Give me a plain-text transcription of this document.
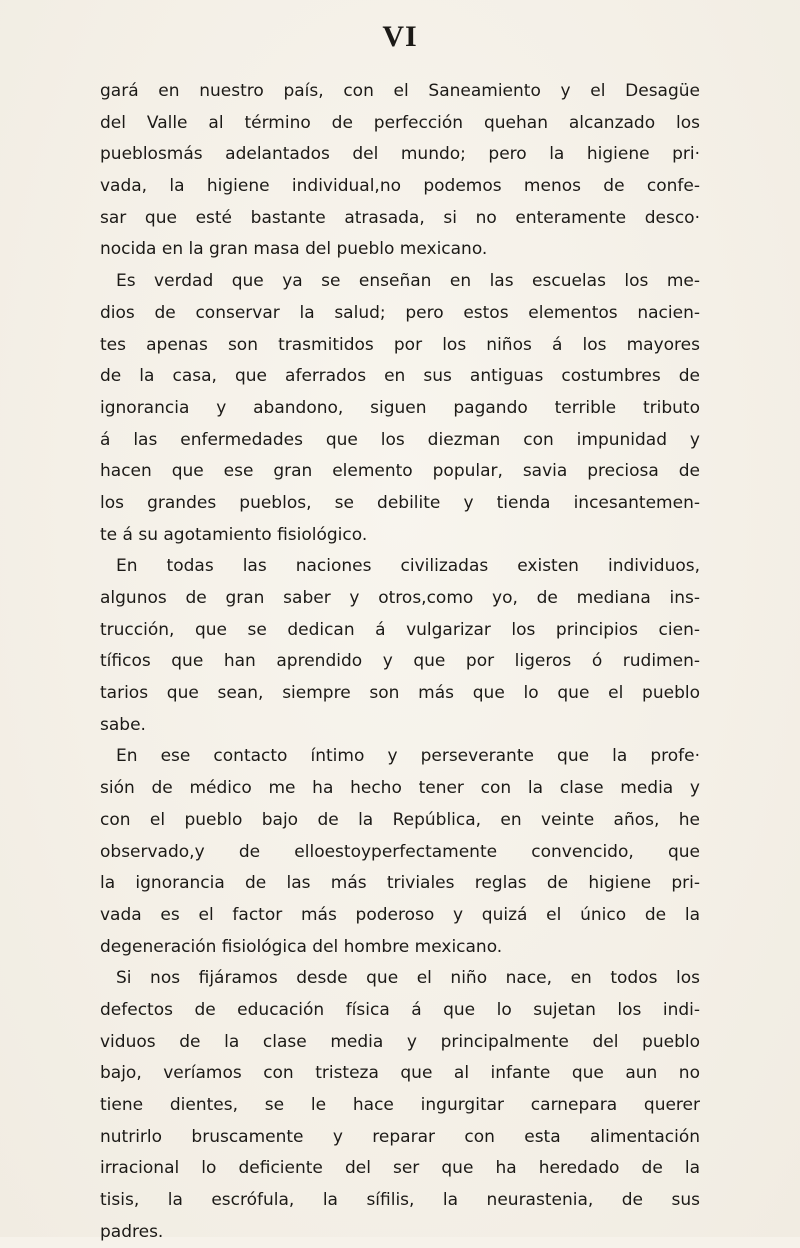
VI
gará en nuestro país, con el Saneamiento y el Desagüe
del Valle al término de perfección quehan alcanzado los
pueblosmás adelantados del mundo; pero la higiene pri·
vada, la higiene individual,no podemos menos de confe-
sar que esté bastante atrasada, si no enteramente desco·
nocida en la gran masa del pueblo mexicano.
Es verdad que ya se enseñan en las escuelas los me-
dios de conservar la salud; pero estos elementos nacien-
tes apenas son trasmitidos por los niños á los mayores
de la casa, que aferrados en sus antiguas costumbres de
ignorancia y abandono, siguen pagando terrible tributo
á las enfermedades que los diezman con impunidad y
hacen que ese gran elemento popular, savia preciosa de
los grandes pueblos, se debilite y tienda incesantemen-
te á su agotamiento fisiológico.
En todas las naciones civilizadas existen individuos,
algunos de gran saber y otros,como yo, de mediana ins-
trucción, que se dedican á vulgarizar los principios cien-
tíficos que han aprendido y que por ligeros ó rudimen-
tarios que sean, siempre son más que lo que el pueblo
sabe.
En ese contacto íntimo y perseverante que la profe·
sión de médico me ha hecho tener con la clase media y
con el pueblo bajo de la República, en veinte años, he
observado,y de elloestoyperfectamente convencido, que
la ignorancia de las más triviales reglas de higiene pri-
vada es el factor más poderoso y quizá el único de la
degeneración fisiológica del hombre mexicano.
Si nos fijáramos desde que el niño nace, en todos los
defectos de educación física á que lo sujetan los indi-
viduos de la clase media y principalmente del pueblo
bajo, veríamos con tristeza que al infante que aun no
tiene dientes, se le hace ingurgitar carnepara querer
nutrirlo bruscamente y reparar con esta alimentación
irracional lo deficiente del ser que ha heredado de la
tisis, la escrófula, la sífilis, la neurastenia, de sus
padres.
